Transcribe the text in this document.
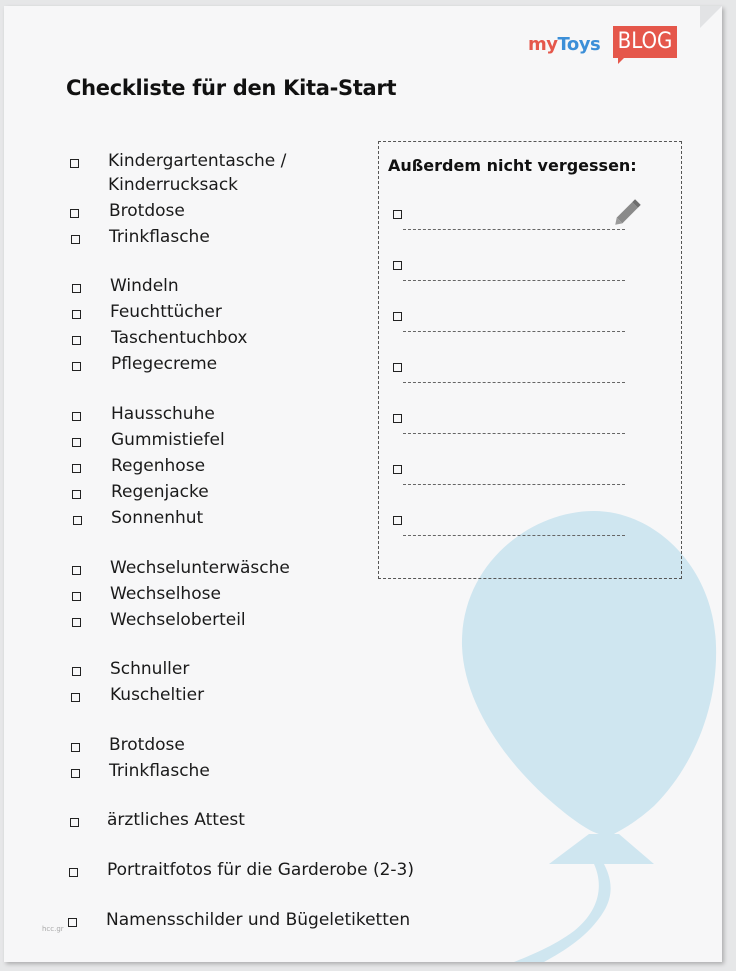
myToys BLOG
Checkliste für den Kita-Start
Kindergartentasche /
Kinderrucksack
Brotdose
Trinkflasche
Windeln
Feuchttücher
Taschentuchbox
Pflegecreme
Hausschuhe
Gummistiefel
Regenhose
Regenjacke
Sonnenhut
Wechselunterwäsche
Wechselhose
Wechseloberteil
Schnuller
Kuscheltier
Brotdose
Trinkflasche
ärztliches Attest
Portraitfotos für die Garderobe (2-3)
Namensschilder und Bügeletiketten
Außerdem nicht vergessen:
hcc.gr
